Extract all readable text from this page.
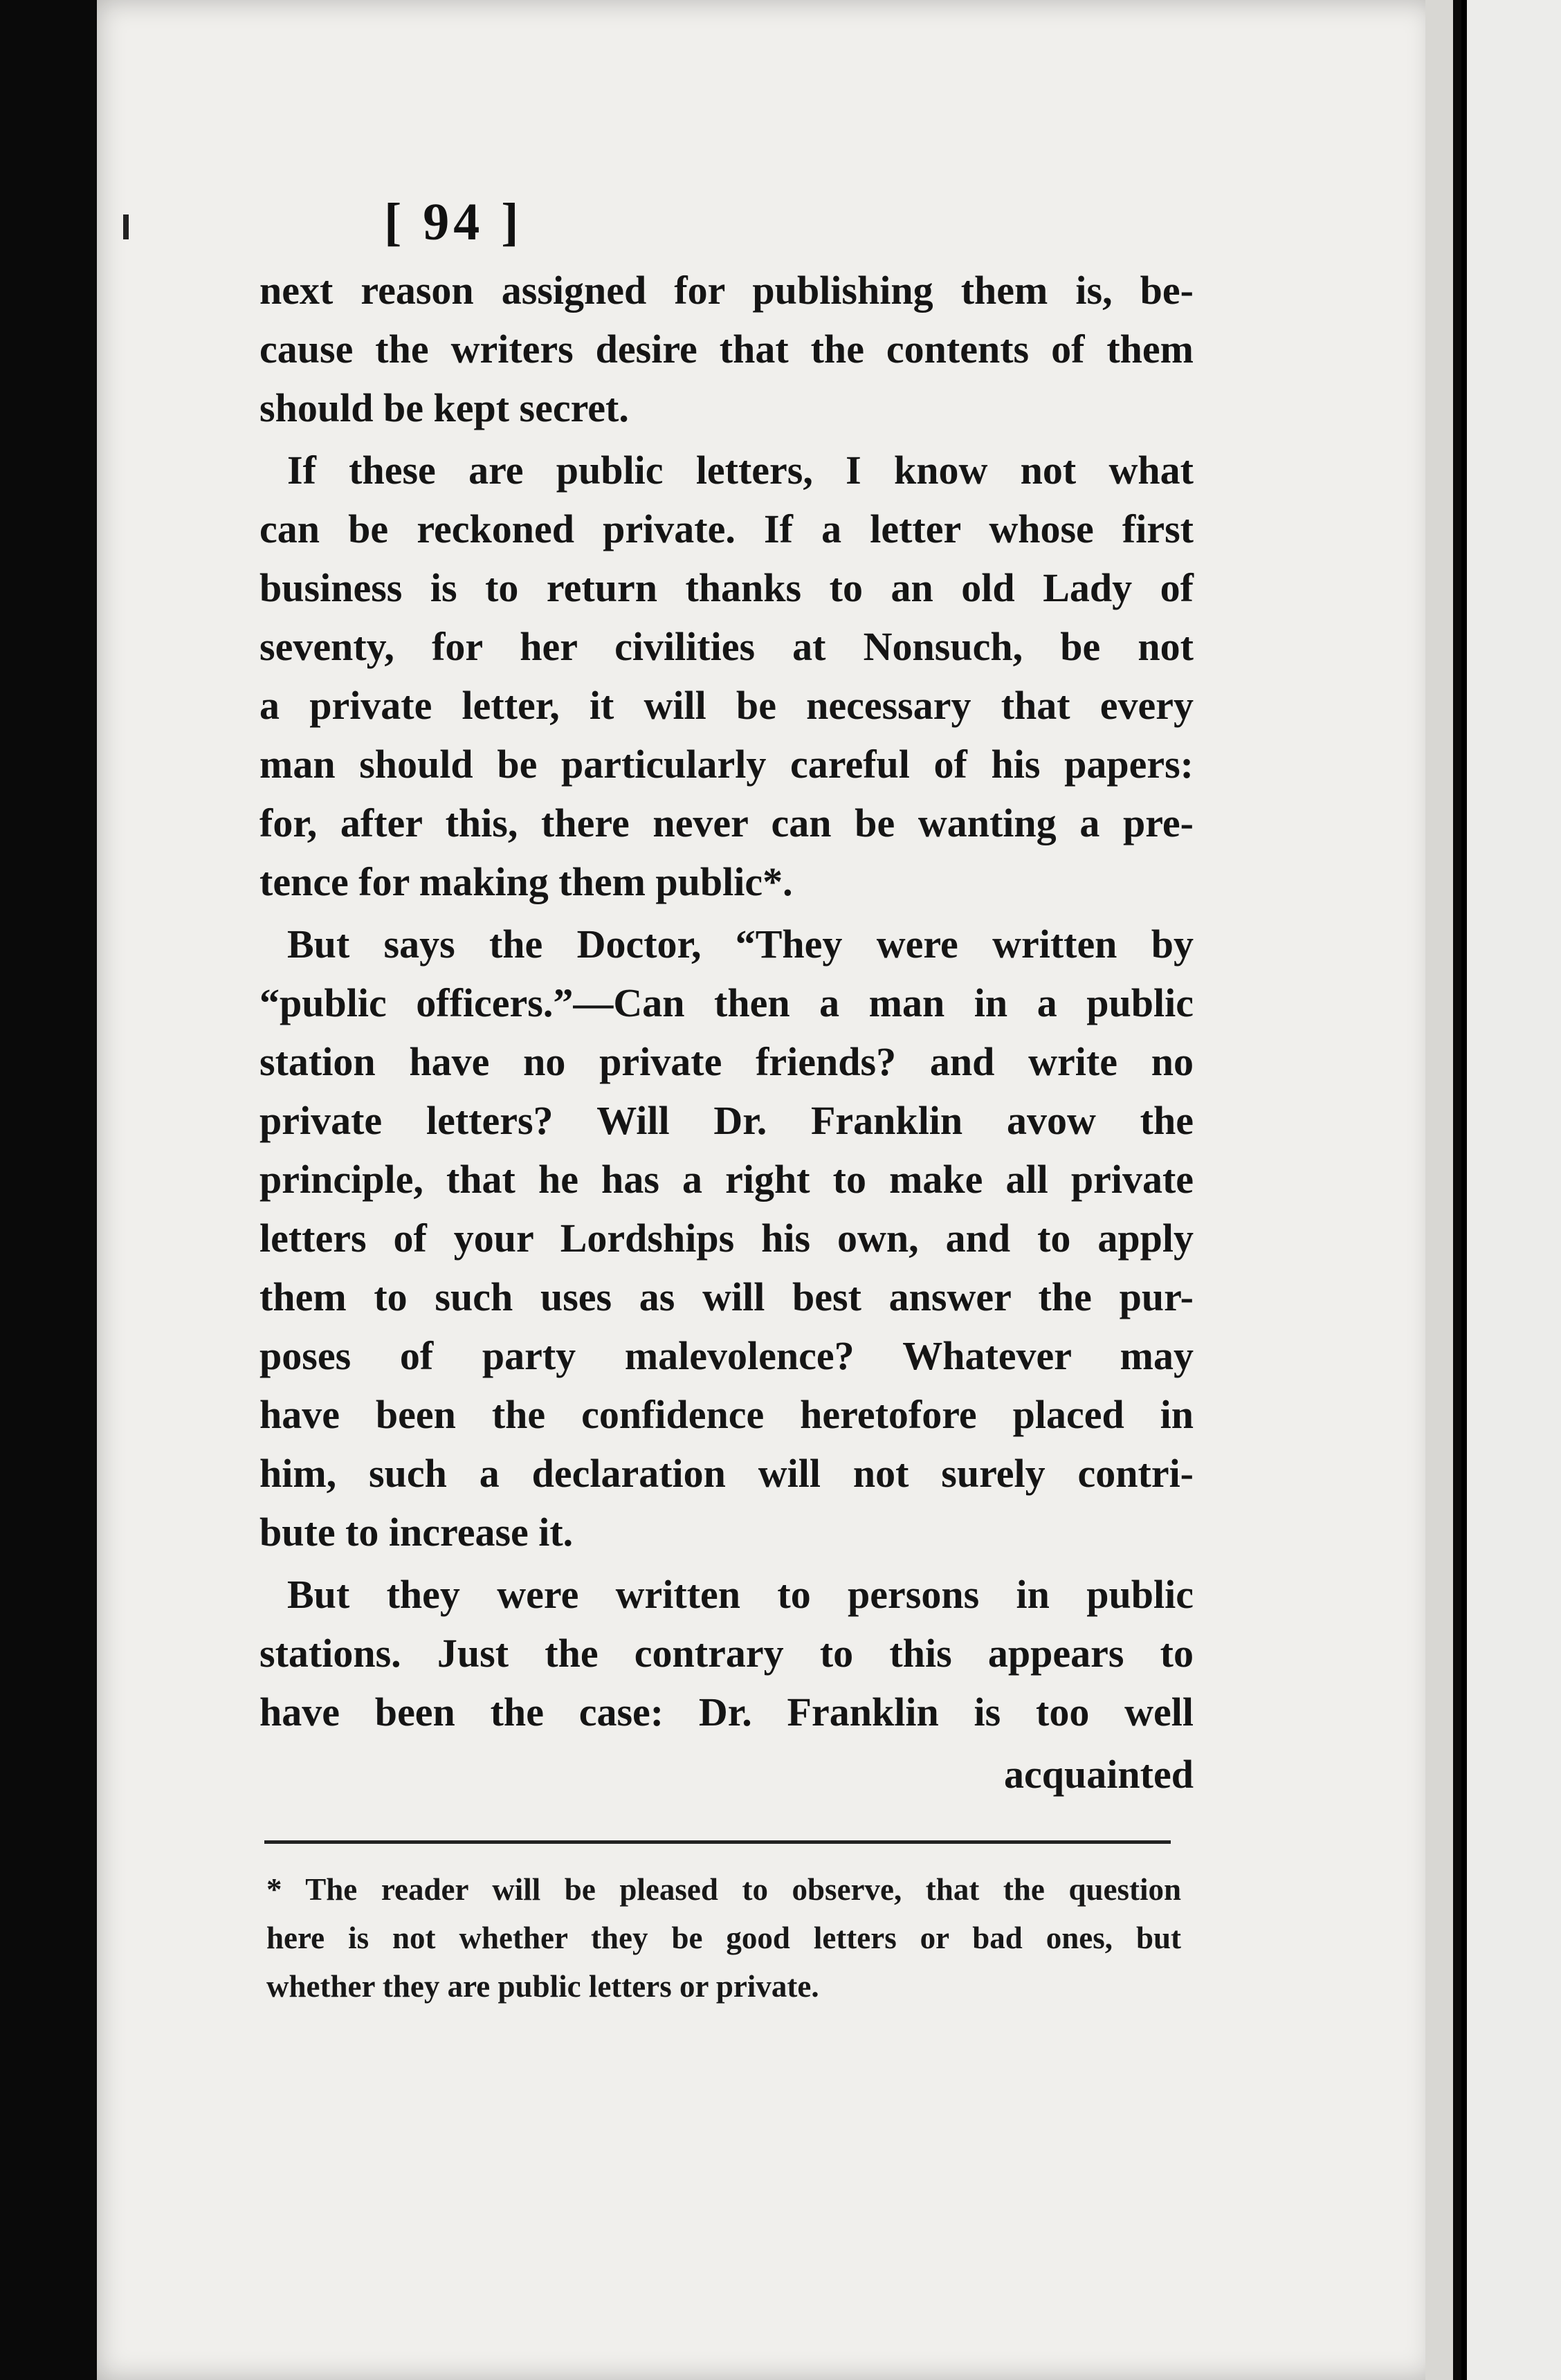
[ 94 ]
next reason assigned for publishing them is, be-
cause the writers desire that the contents of them
should be kept secret.
If these are public letters, I know not what
can be reckoned private. If a letter whose first
business is to return thanks to an old Lady of
seventy, for her civilities at Nonsuch, be not
a private letter, it will be necessary that every
man should be particularly careful of his papers:
for, after this, there never can be wanting a pre-
tence for making them public*.
But says the Doctor, “They were written by
“public officers.”—Can then a man in a public
station have no private friends? and write no
private letters? Will Dr. Franklin avow the
principle, that he has a right to make all private
letters of your Lordships his own, and to apply
them to such uses as will best answer the pur-
poses of party malevolence? Whatever may
have been the confidence heretofore placed in
him, such a declaration will not surely contri-
bute to increase it.
But they were written to persons in public
stations. Just the contrary to this appears to
have been the case: Dr. Franklin is too well
acquainted
* The reader will be pleased to observe, that the question
here is not whether they be good letters or bad ones, but
whether they are public letters or private.
